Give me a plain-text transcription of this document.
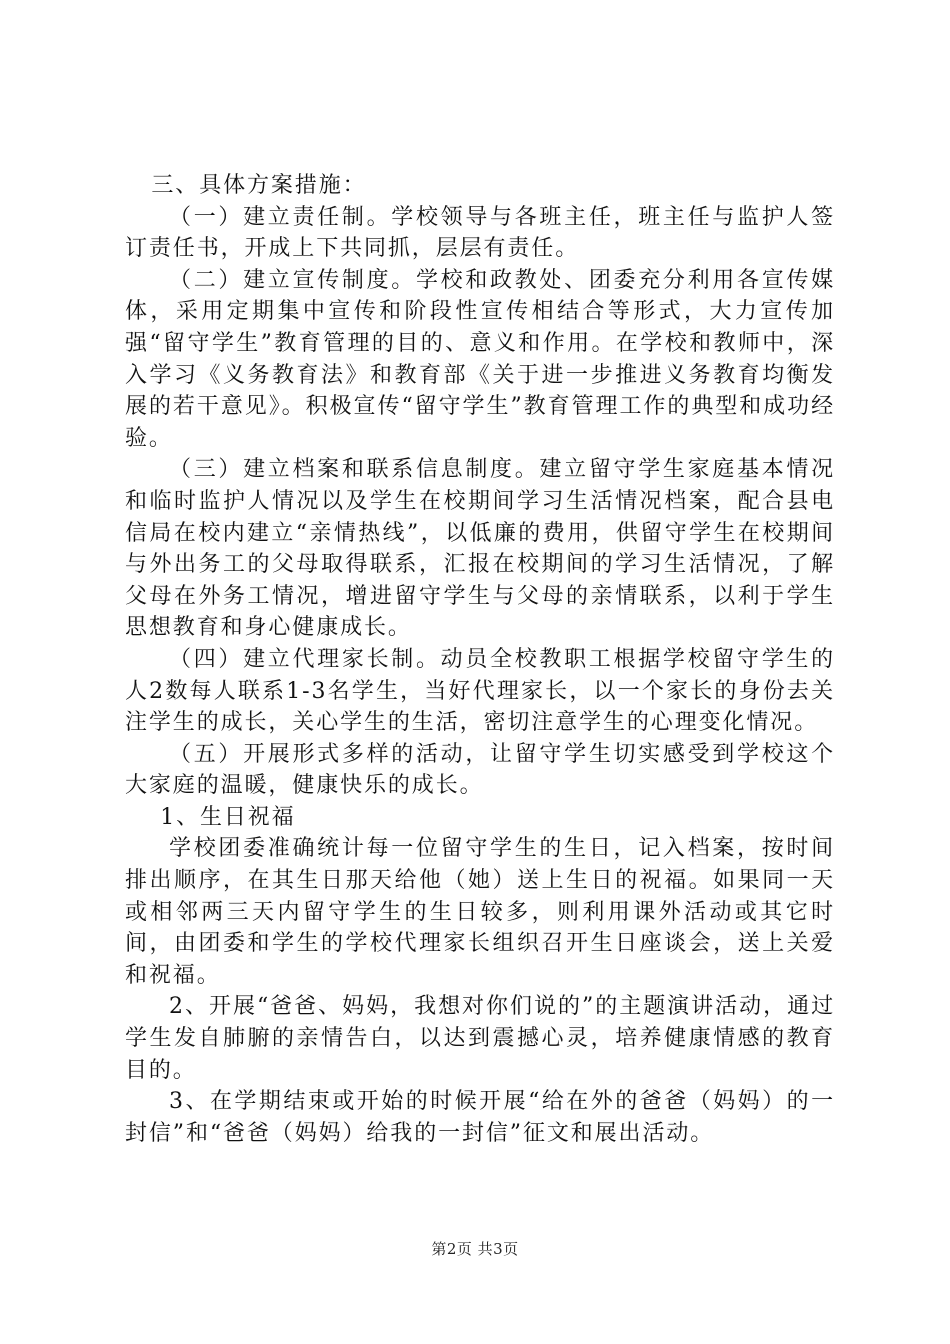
三、具体方案措施：

（一）建立责任制。学校领导与各班主任，班主任与监护人签订责任书，开成上下共同抓，层层有责任。

（二）建立宣传制度。学校和政教处、团委充分利用各宣传媒体，采用定期集中宣传和阶段性宣传相结合等形式，大力宣传加强“留守学生”教育管理的目的、意义和作用。在学校和教师中，深入学习《义务教育法》和教育部《关于进一步推进义务教育均衡发展的若干意见》。积极宣传“留守学生”教育管理工作的典型和成功经验。

（三）建立档案和联系信息制度。建立留守学生家庭基本情况和临时监护人情况以及学生在校期间学习生活情况档案，配合县电信局在校内建立“亲情热线”，以低廉的费用，供留守学生在校期间与外出务工的父母取得联系，汇报在校期间的学习生活情况，了解父母在外务工情况，增进留守学生与父母的亲情联系，以利于学生思想教育和身心健康成长。

（四）建立代理家长制。动员全校教职工根据学校留守学生的人2数每人联系1-3名学生，当好代理家长，以一个家长的身份去关注学生的成长，关心学生的生活，密切注意学生的心理变化情况。

（五）开展形式多样的活动，让留守学生切实感受到学校这个大家庭的温暖，健康快乐的成长。

1、生日祝福

学校团委准确统计每一位留守学生的生日，记入档案，按时间排出顺序，在其生日那天给他（她）送上生日的祝福。如果同一天或相邻两三天内留守学生的生日较多，则利用课外活动或其它时间，由团委和学生的学校代理家长组织召开生日座谈会，送上关爱和祝福。

2、开展“爸爸、妈妈，我想对你们说的”的主题演讲活动，通过学生发自肺腑的亲情告白，以达到震撼心灵，培养健康情感的教育目的。

3、在学期结束或开始的时候开展“给在外的爸爸（妈妈）的一封信”和“爸爸（妈妈）给我的一封信”征文和展出活动。

第2页 共3页
